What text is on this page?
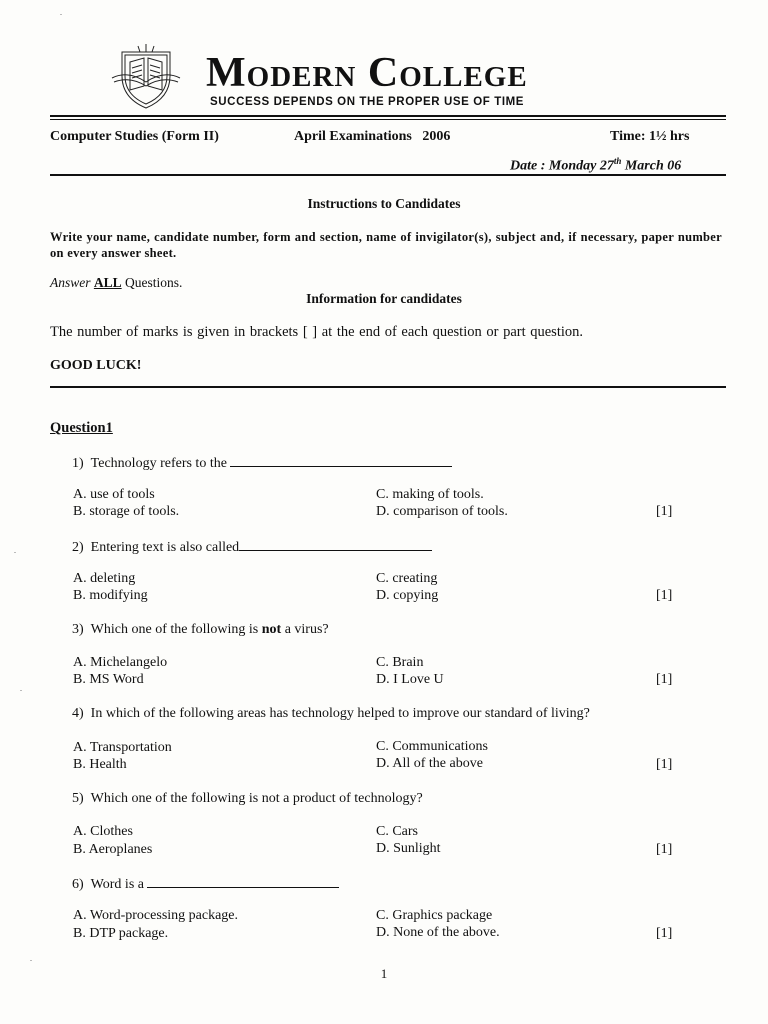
Modern College
SUCCESS DEPENDS ON THE PROPER USE OF TIME
Computer Studies (Form II)	April Examinations 2006	Time: 1½ hrs
Date : Monday 27th March 06
Instructions to Candidates
Write your name, candidate number, form and section, name of invigilator(s), subject and, if necessary, paper number on every answer sheet.
Answer ALL Questions.
Information for candidates
The number of marks is given in brackets [ ] at the end of each question or part question.
GOOD LUCK!
Question1
1) Technology refers to the
A. use of tools
B. storage of tools.
C. making of tools.
D. comparison of tools.	[1]
2) Entering text is also called
A. deleting
B. modifying
C. creating
D. copying	[1]
3) Which one of the following is not a virus?
A. Michelangelo
B. MS Word
C. Brain
D. I Love U	[1]
4) In which of the following areas has technology helped to improve our standard of living?
A. Transportation
B. Health
C. Communications
D. All of the above	[1]
5) Which one of the following is not a product of technology?
A. Clothes
B. Aeroplanes
C. Cars
D. Sunlight	[1]
6) Word is a
A. Word-processing package.
B. DTP package.
C. Graphics package
D. None of the above.	[1]
1
